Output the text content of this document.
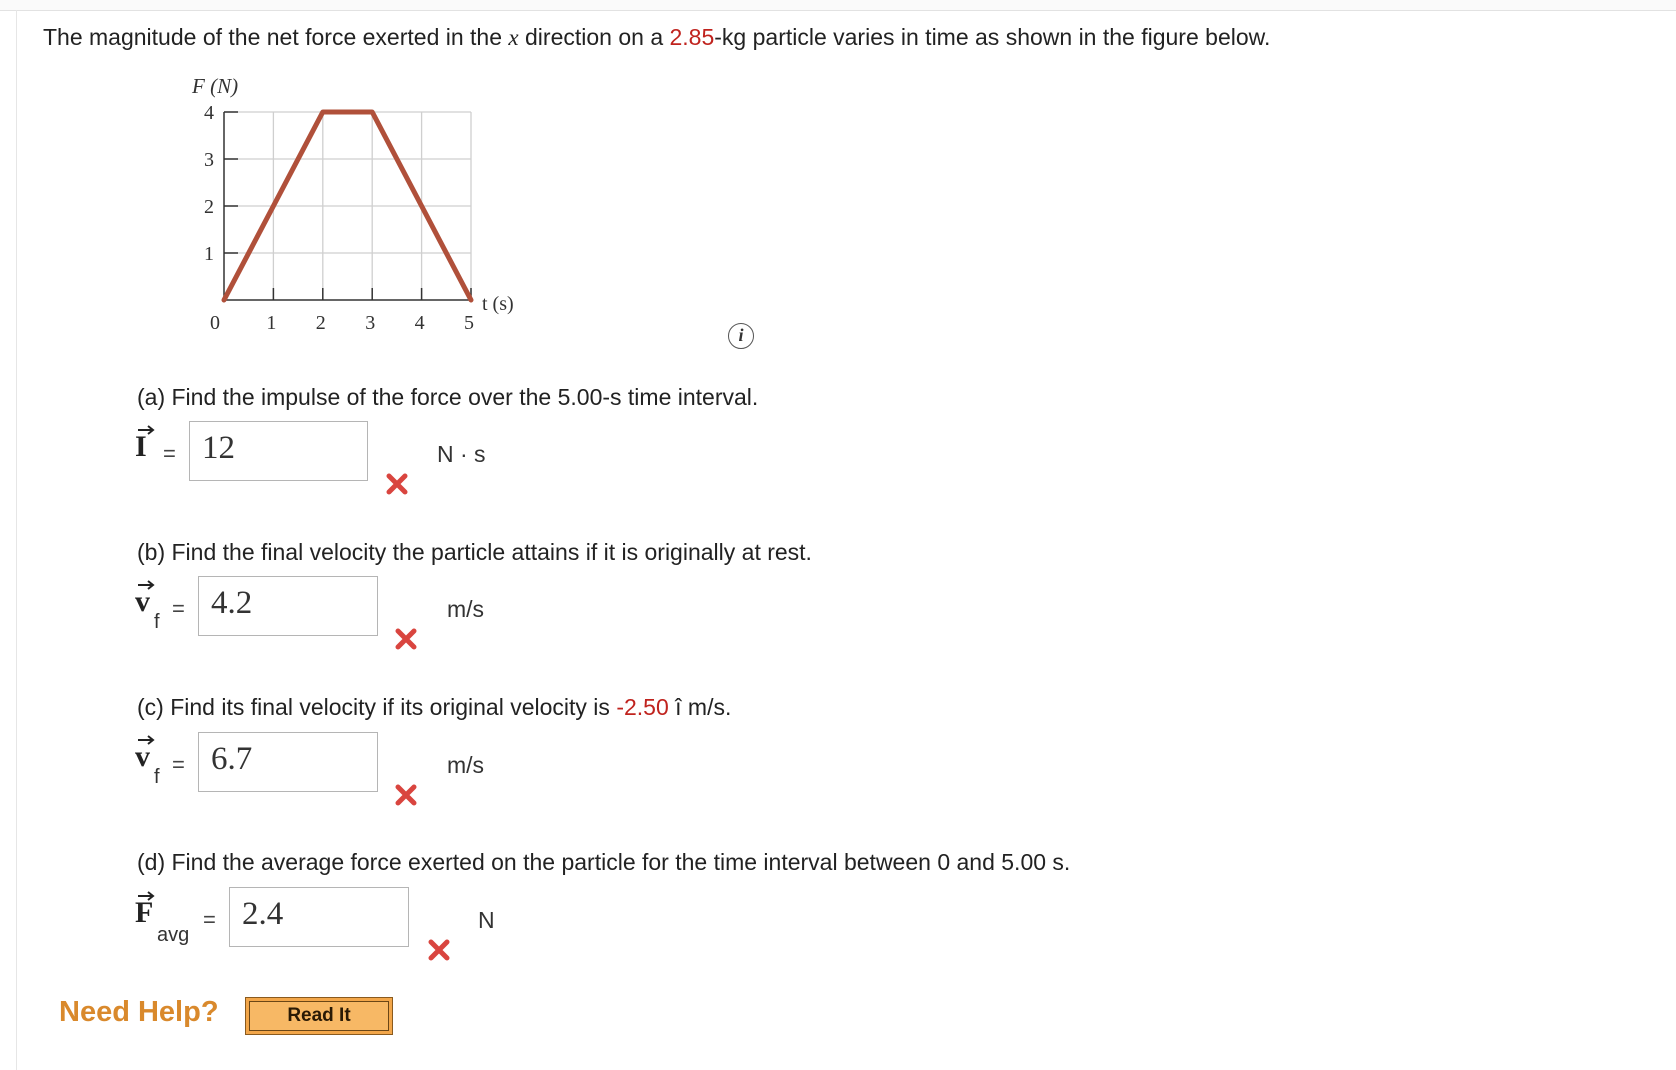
The magnitude of the net force exerted in the x direction on a 2.85-kg particle varies in time as shown in the figure below.
1
2
3
4
0 1 2 3 4 5
F (N)
t (s)
i
(a) Find the impulse of the force over the 5.00-s time interval.
I = 12	N · s
(b) Find the final velocity the particle attains if it is originally at rest.
v
f
= 4.2	m/s
(c) Find its final velocity if its original velocity is -2.50 î m/s.
v
f = 6.7	m/s
(d) Find the average force exerted on the particle for the time interval between 0 and 5.00 s.
F
avg
= 2.4	N
Need Help?	Read It
